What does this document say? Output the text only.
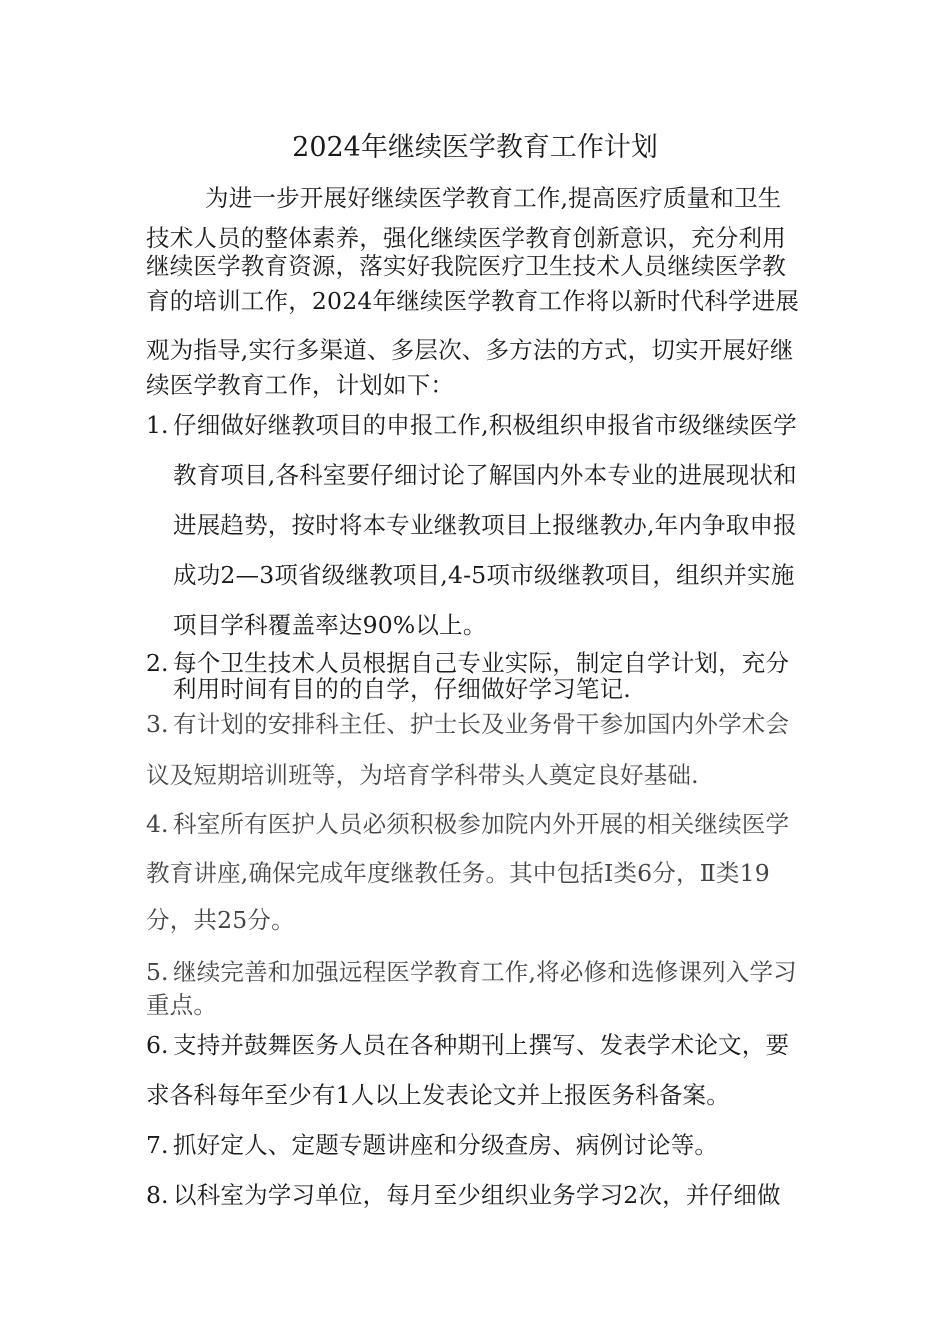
2024年继续医学教育工作计划
为进一步开展好继续医学教育工作,提高医疗质量和卫生
技术人员的整体素养，强化继续医学教育创新意识，充分利用
继续医学教育资源，落实好我院医疗卫生技术人员继续医学教
育的培训工作，2024年继续医学教育工作将以新时代科学进展
观为指导,实行多渠道、多层次、多方法的方式，切实开展好继
续医学教育工作，计划如下：
1. 仔细做好继教项目的申报工作,积极组织申报省市级继续医学
教育项目,各科室要仔细讨论了解国内外本专业的进展现状和
进展趋势，按时将本专业继教项目上报继教办,年内争取申报
成功2—3项省级继教项目,4-5项市级继教项目，组织并实施
项目学科覆盖率达90%以上。
2. 每个卫生技术人员根据自己专业实际，制定自学计划，充分
利用时间有目的的自学，仔细做好学习笔记.
3. 有计划的安排科主任、护士长及业务骨干参加国内外学术会
议及短期培训班等，为培育学科带头人奠定良好基础.
4. 科室所有医护人员必须积极参加院内外开展的相关继续医学
教育讲座,确保完成年度继教任务。其中包括Ⅰ类6分，Ⅱ类19
分，共25分。
5. 继续完善和加强远程医学教育工作,将必修和选修课列入学习
重点。
6. 支持并鼓舞医务人员在各种期刊上撰写、发表学术论文，要
求各科每年至少有1人以上发表论文并上报医务科备案。
7. 抓好定人、定题专题讲座和分级查房、病例讨论等。
8. 以科室为学习单位，每月至少组织业务学习2次，并仔细做
